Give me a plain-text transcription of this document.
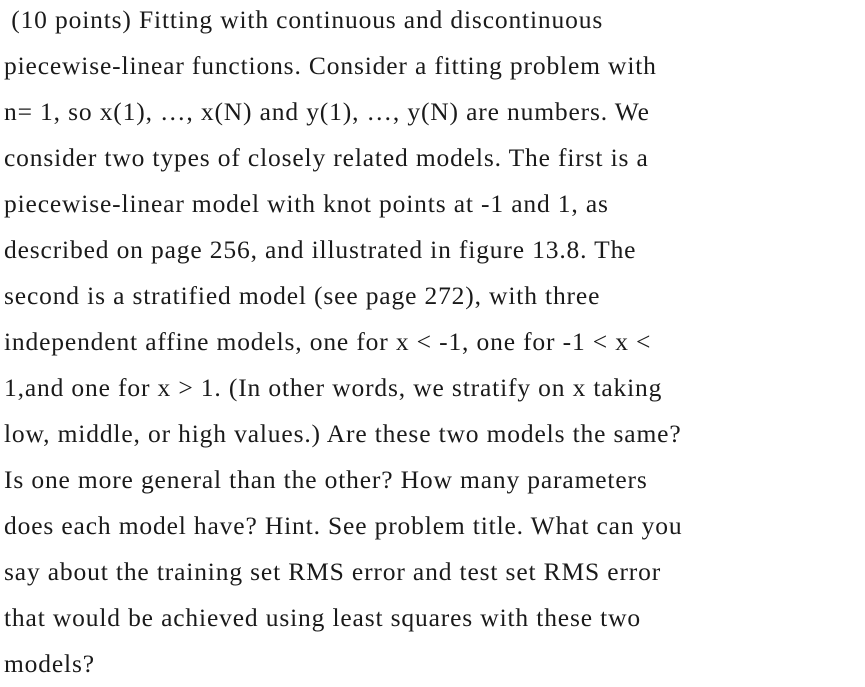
(10 points) Fitting with continuous and discontinuous
piecewise-linear functions. Consider a fitting problem with
n= 1, so x(1), …, x(N) and y(1), …, y(N) are numbers. We
consider two types of closely related models. The first is a
piecewise-linear model with knot points at -1 and 1, as
described on page 256, and illustrated in figure 13.8. The
second is a stratified model (see page 272), with three
independent affine models, one for x < -1, one for -1 < x <
1,and one for x > 1. (In other words, we stratify on x taking
low, middle, or high values.) Are these two models the same?
Is one more general than the other? How many parameters
does each model have? Hint. See problem title. What can you
say about the training set RMS error and test set RMS error
that would be achieved using least squares with these two
models?
